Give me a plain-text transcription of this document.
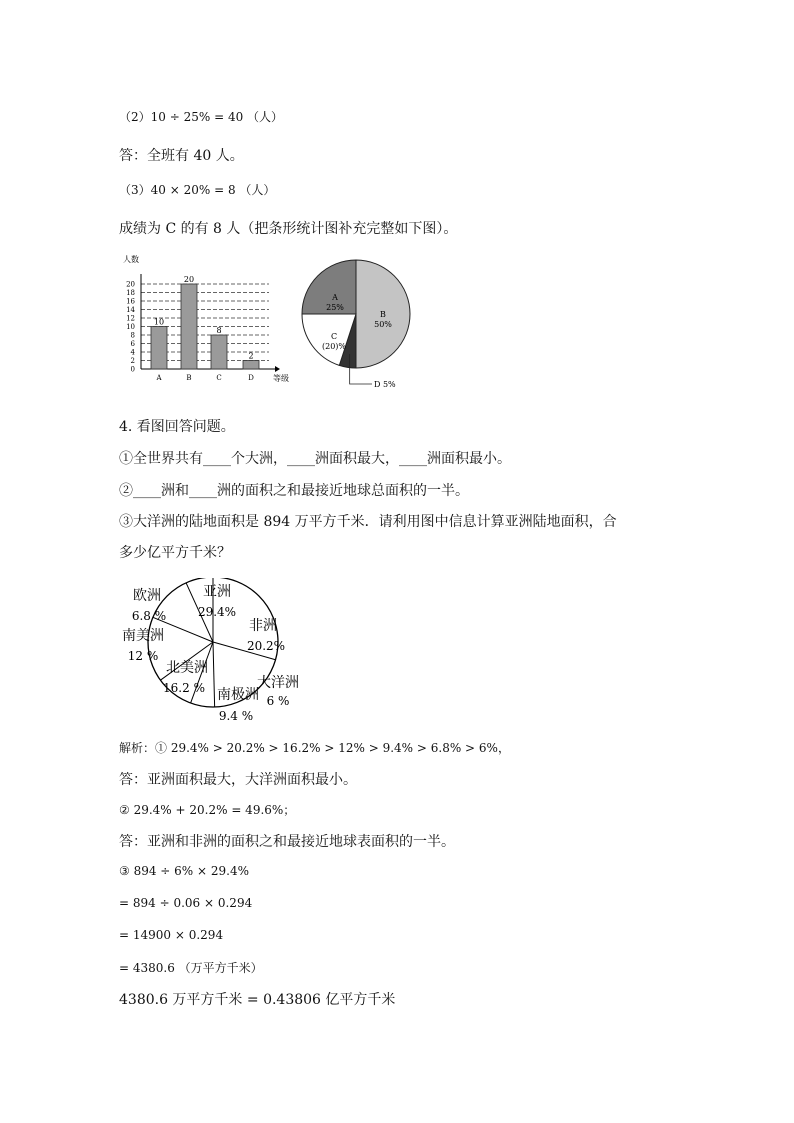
（2）10 ÷ 25% = 40 （人）
答：全班有 40 人。
（3）40 × 20% = 8 （人）
成绩为 C 的有 8 人（把条形统计图补充完整如下图）。
人数
0
2
4
6
8
10
12
14
16
18
20
等级
10
A
20
B
8
C
2
D
A
25%
B
50%
D 5%
C
(20)%
4. 看图回答问题。
①全世界共有____个大洲，____洲面积最大，____洲面积最小。
②____洲和____洲的面积之和最接近地球总面积的一半。
③大洋洲的陆地面积是 894 万平方千米．请利用图中信息计算亚洲陆地面积，合
多少亿平方千米？
亚洲
29.4%
非洲
20.2%
大洋洲
6 %
南极洲
9.4 %
北美洲
16.2 %
南美洲
12 %
欧洲
6.8 %
解析：① 29.4% > 20.2% > 16.2% > 12% > 9.4% > 6.8% > 6%，
答：亚洲面积最大，大洋洲面积最小。
② 29.4% + 20.2% = 49.6%；
答：亚洲和非洲的面积之和最接近地球表面积的一半。
③ 894 ÷ 6% × 29.4%
= 894 ÷ 0.06 × 0.294
= 14900 × 0.294
= 4380.6 （万平方千米）
4380.6 万平方千米 = 0.43806 亿平方千米
